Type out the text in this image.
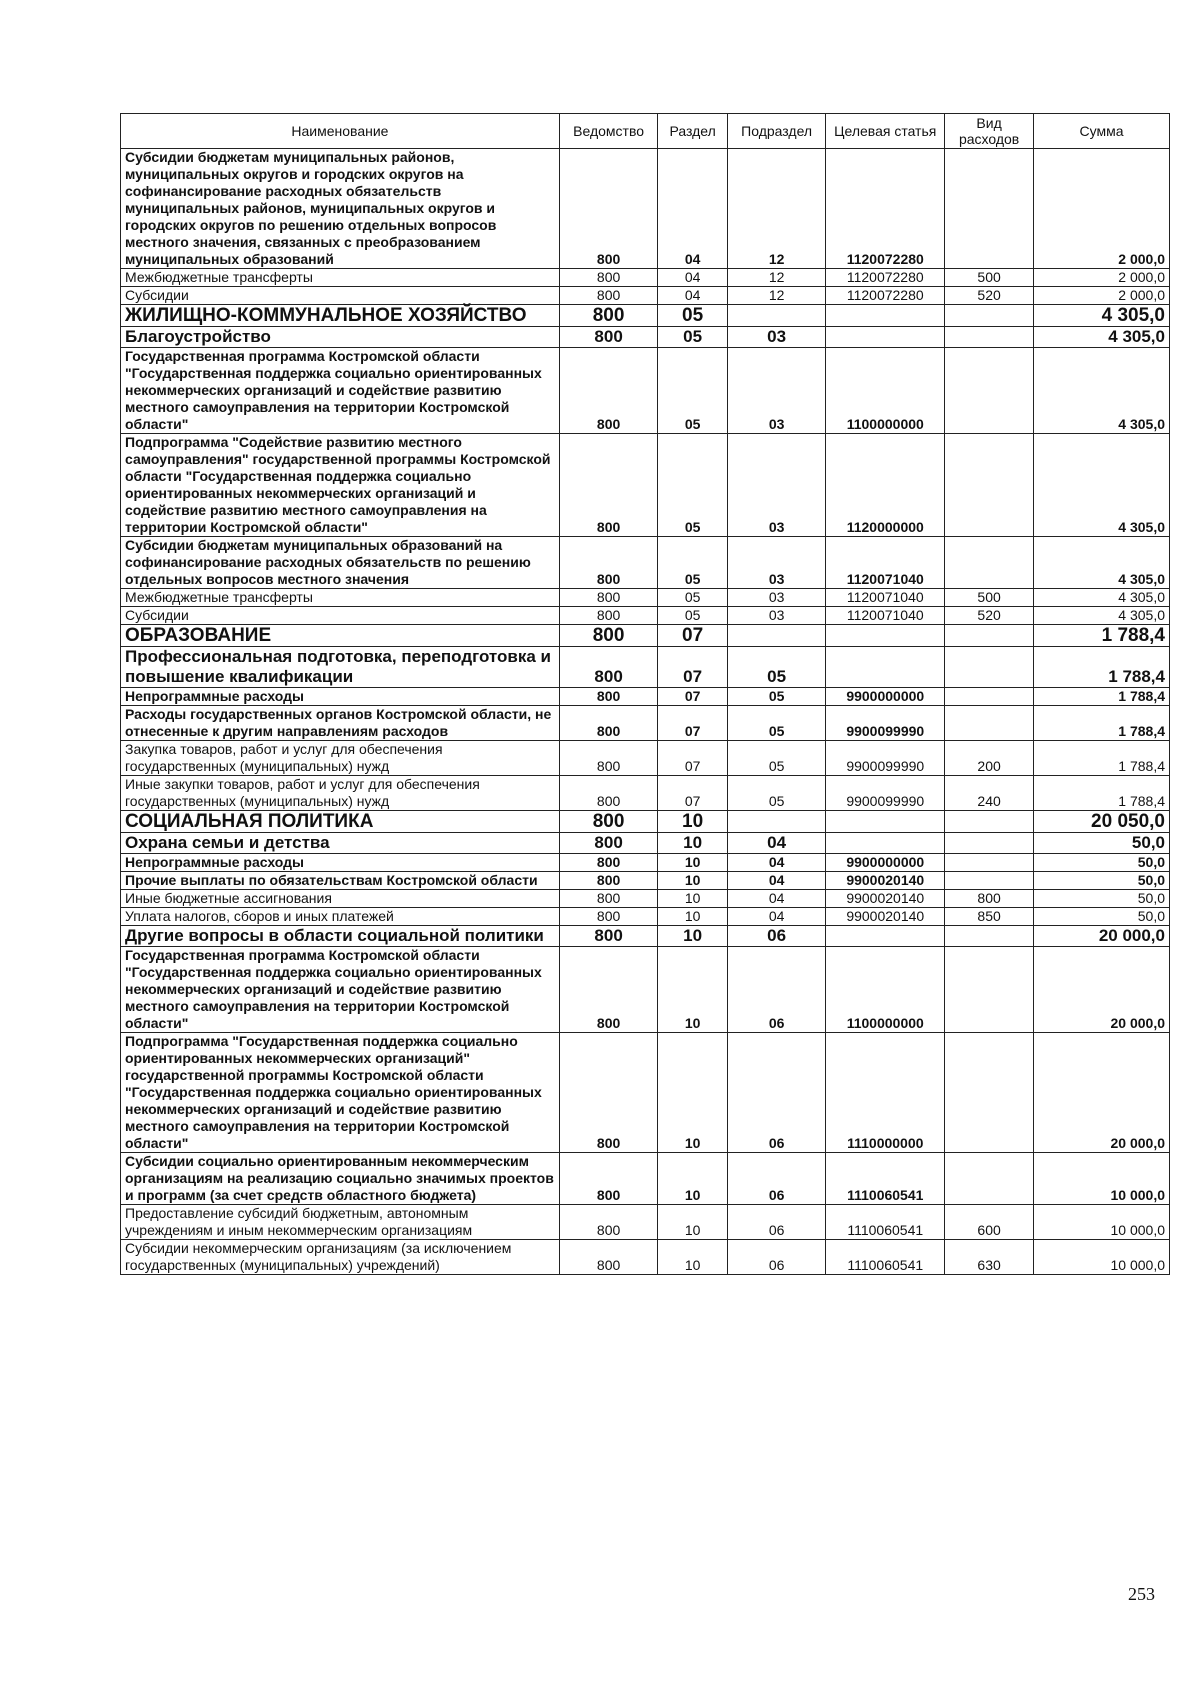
Наименование	Ведомство	Раздел	Подраздел	Целевая статья	Вид расходов	Сумма
Субсидии бюджетам муниципальных районов, муниципальных округов и городских округов на софинансирование расходных обязательств муниципальных районов, муниципальных округов и городских округов по решению отдельных вопросов местного значения, связанных с преобразованием муниципальных образований	800	04	12	1120072280		2 000,0
Межбюджетные трансферты	800	04	12	1120072280	500	2 000,0
Субсидии	800	04	12	1120072280	520	2 000,0
ЖИЛИЩНО-КОММУНАЛЬНОЕ ХОЗЯЙСТВО	800	05				4 305,0
Благоустройство	800	05	03			4 305,0
Государственная программа Костромской области "Государственная поддержка социально ориентированных некоммерческих организаций и содействие развитию местного самоуправления на территории Костромской области"	800	05	03	1100000000		4 305,0
Подпрограмма "Содействие развитию местного самоуправления" государственной программы Костромской области "Государственная поддержка социально ориентированных некоммерческих организаций и содействие развитию местного самоуправления на территории Костромской области"	800	05	03	1120000000		4 305,0
Субсидии бюджетам муниципальных образований на софинансирование расходных обязательств по решению отдельных вопросов местного значения	800	05	03	1120071040		4 305,0
Межбюджетные трансферты	800	05	03	1120071040	500	4 305,0
Субсидии	800	05	03	1120071040	520	4 305,0
ОБРАЗОВАНИЕ	800	07				1 788,4
Профессиональная подготовка, переподготовка и повышение квалификации	800	07	05			1 788,4
Непрограммные расходы	800	07	05	9900000000		1 788,4
Расходы государственных органов Костромской области, не отнесенные к другим направлениям расходов	800	07	05	9900099990		1 788,4
Закупка товаров, работ и услуг для обеспечения государственных (муниципальных) нужд	800	07	05	9900099990	200	1 788,4
Иные закупки товаров, работ и услуг для обеспечения государственных (муниципальных) нужд	800	07	05	9900099990	240	1 788,4
СОЦИАЛЬНАЯ ПОЛИТИКА	800	10				20 050,0
Охрана семьи и детства	800	10	04			50,0
Непрограммные расходы	800	10	04	9900000000		50,0
Прочие выплаты по обязательствам Костромской области	800	10	04	9900020140		50,0
Иные бюджетные ассигнования	800	10	04	9900020140	800	50,0
Уплата налогов, сборов и иных платежей	800	10	04	9900020140	850	50,0
Другие вопросы в области социальной политики	800	10	06			20 000,0
Государственная программа Костромской области "Государственная поддержка социально ориентированных некоммерческих организаций и содействие развитию местного самоуправления на территории Костромской области"	800	10	06	1100000000		20 000,0
Подпрограмма "Государственная поддержка социально ориентированных некоммерческих организаций" государственной программы Костромской области "Государственная поддержка социально ориентированных некоммерческих организаций и содействие развитию местного самоуправления на территории Костромской области"	800	10	06	1110000000		20 000,0
Субсидии социально ориентированным некоммерческим организациям на реализацию социально значимых проектов и программ (за счет средств областного бюджета)	800	10	06	1110060541		10 000,0
Предоставление субсидий бюджетным, автономным учреждениям и иным некоммерческим организациям	800	10	06	1110060541	600	10 000,0
Субсидии некоммерческим организациям (за исключением государственных (муниципальных) учреждений)	800	10	06	1110060541	630	10 000,0
253
